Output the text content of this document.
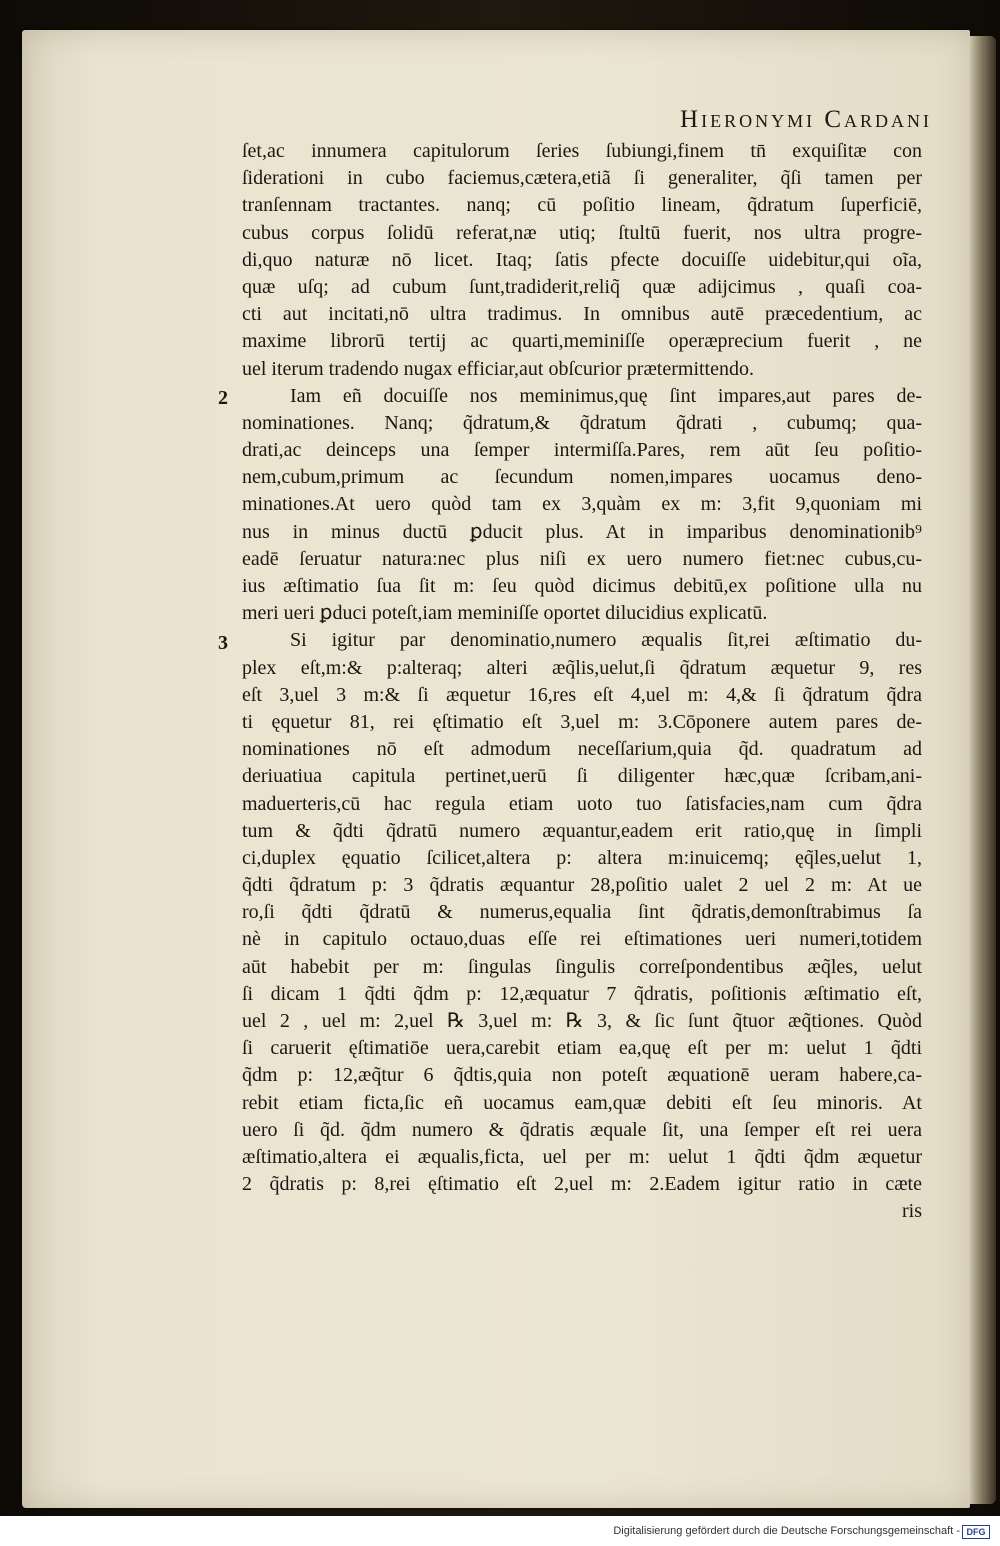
Hieronymi Cardani
ſet,ac innumera capitulorum ſeries ſubiungi,finem tn̄ exquiſitæ con
ſiderationi in cubo faciemus,cætera,etiã ſi generaliter, q̃ſi tamen per
tranſennam tractantes. nanq; cū poſitio lineam, q̃dratum ſuperficiē,
cubus corpus ſolidū referat,næ utiq; ſtultū fuerit, nos ultra progre-
di,quo naturæ nō licet. Itaq; ſatis pfecte docuiſſe uidebitur,qui oĩa,
quæ uſq; ad cubum ſunt,tradiderit,reliq̃ quæ adijcimus , quaſi coa-
cti aut incitati,nō ultra tradimus. In omnibus autē præcedentium, ac
maxime librorū tertij ac quarti,meminiſſe operæprecium fuerit , ne
uel iterum tradendo nugax efficiar,aut obſcurior prætermittendo.
Iam eñ docuiſſe nos meminimus,quę ſint impares,aut pares de-
nominationes. Nanq; q̃dratum,& q̃dratum q̃drati , cubumq; qua-
drati,ac deinceps una ſemper intermiſſa.Pares, rem aūt ſeu poſitio-
nem,cubum,primum ac ſecundum nomen,impares uocamus deno-
minationes.At uero quòd tam ex 3,quàm ex m: 3,fit 9,quoniam mi
nus in minus ductū ꝑducit plus. At in imparibus denominationib⁹
eadē ſeruatur natura:nec plus niſi ex uero numero fiet:nec cubus,cu-
ius æſtimatio ſua ſit m: ſeu quòd dicimus debitū,ex poſitione ulla nu
meri ueri ꝑduci poteſt,iam meminiſſe oportet dilucidius explicatū.
Si igitur par denominatio,numero æqualis ſit,rei æſtimatio du-
plex eſt,m:& p:alteraq; alteri æq̃lis,uelut,ſi q̃dratum æquetur 9, res
eſt 3,uel 3 m:& ſi æquetur 16,res eſt 4,uel m: 4,& ſi q̃dratum q̃dra
ti ęquetur 81, rei ęſtimatio eſt 3,uel m: 3.Cōponere autem pares de-
nominationes nō eſt admodum neceſſarium,quia q̃d. quadratum ad
deriuatiua capitula pertinet,uerū ſi diligenter hæc,quæ ſcribam,ani-
maduerteris,cū hac regula etiam uoto tuo ſatisfacies,nam cum q̃dra
tum & q̃dti q̃dratū numero æquantur,eadem erit ratio,quę in ſimpli
ci,duplex ęquatio ſcilicet,altera p: altera m:inuicemq; ęq̃les,uelut 1,
q̃dti q̃dratum p: 3 q̃dratis æquantur 28,poſitio ualet 2 uel 2 m: At ue
ro,ſi q̃dti q̃dratū & numerus,equalia ſint q̃dratis,demonſtrabimus ſa
nè in capitulo octauo,duas eſſe rei eſtimationes ueri numeri,totidem
aūt habebit per m: ſingulas ſingulis correſpondentibus æq̃les, uelut
ſi dicam 1 q̃dti q̃dm p: 12,æquatur 7 q̃dratis, poſitionis æſtimatio eſt,
uel 2 , uel m: 2,uel ℞ 3,uel m: ℞ 3, & ſic ſunt q̃tuor æq̃tiones. Quòd
ſi caruerit ęſtimatiōe uera,carebit etiam ea,quę eſt per m: uelut 1 q̃dti
q̃dm p: 12,æq̃tur 6 q̃dtis,quia non poteſt æquationē ueram habere,ca-
rebit etiam ficta,ſic eñ uocamus eam,quæ debiti eſt ſeu minoris. At
uero ſi q̃d. q̃dm numero & q̃dratis æquale ſit, una ſemper eſt rei uera
æſtimatio,altera ei æqualis,ficta, uel per m: uelut 1 q̃dti q̃dm æquetur
2 q̃dratis p: 8,rei ęſtimatio eſt 2,uel m: 2.Eadem igitur ratio in cæte
ris
2
3
Digitalisierung gefördert durch die Deutsche Forschungsgemeinschaft - DFG
